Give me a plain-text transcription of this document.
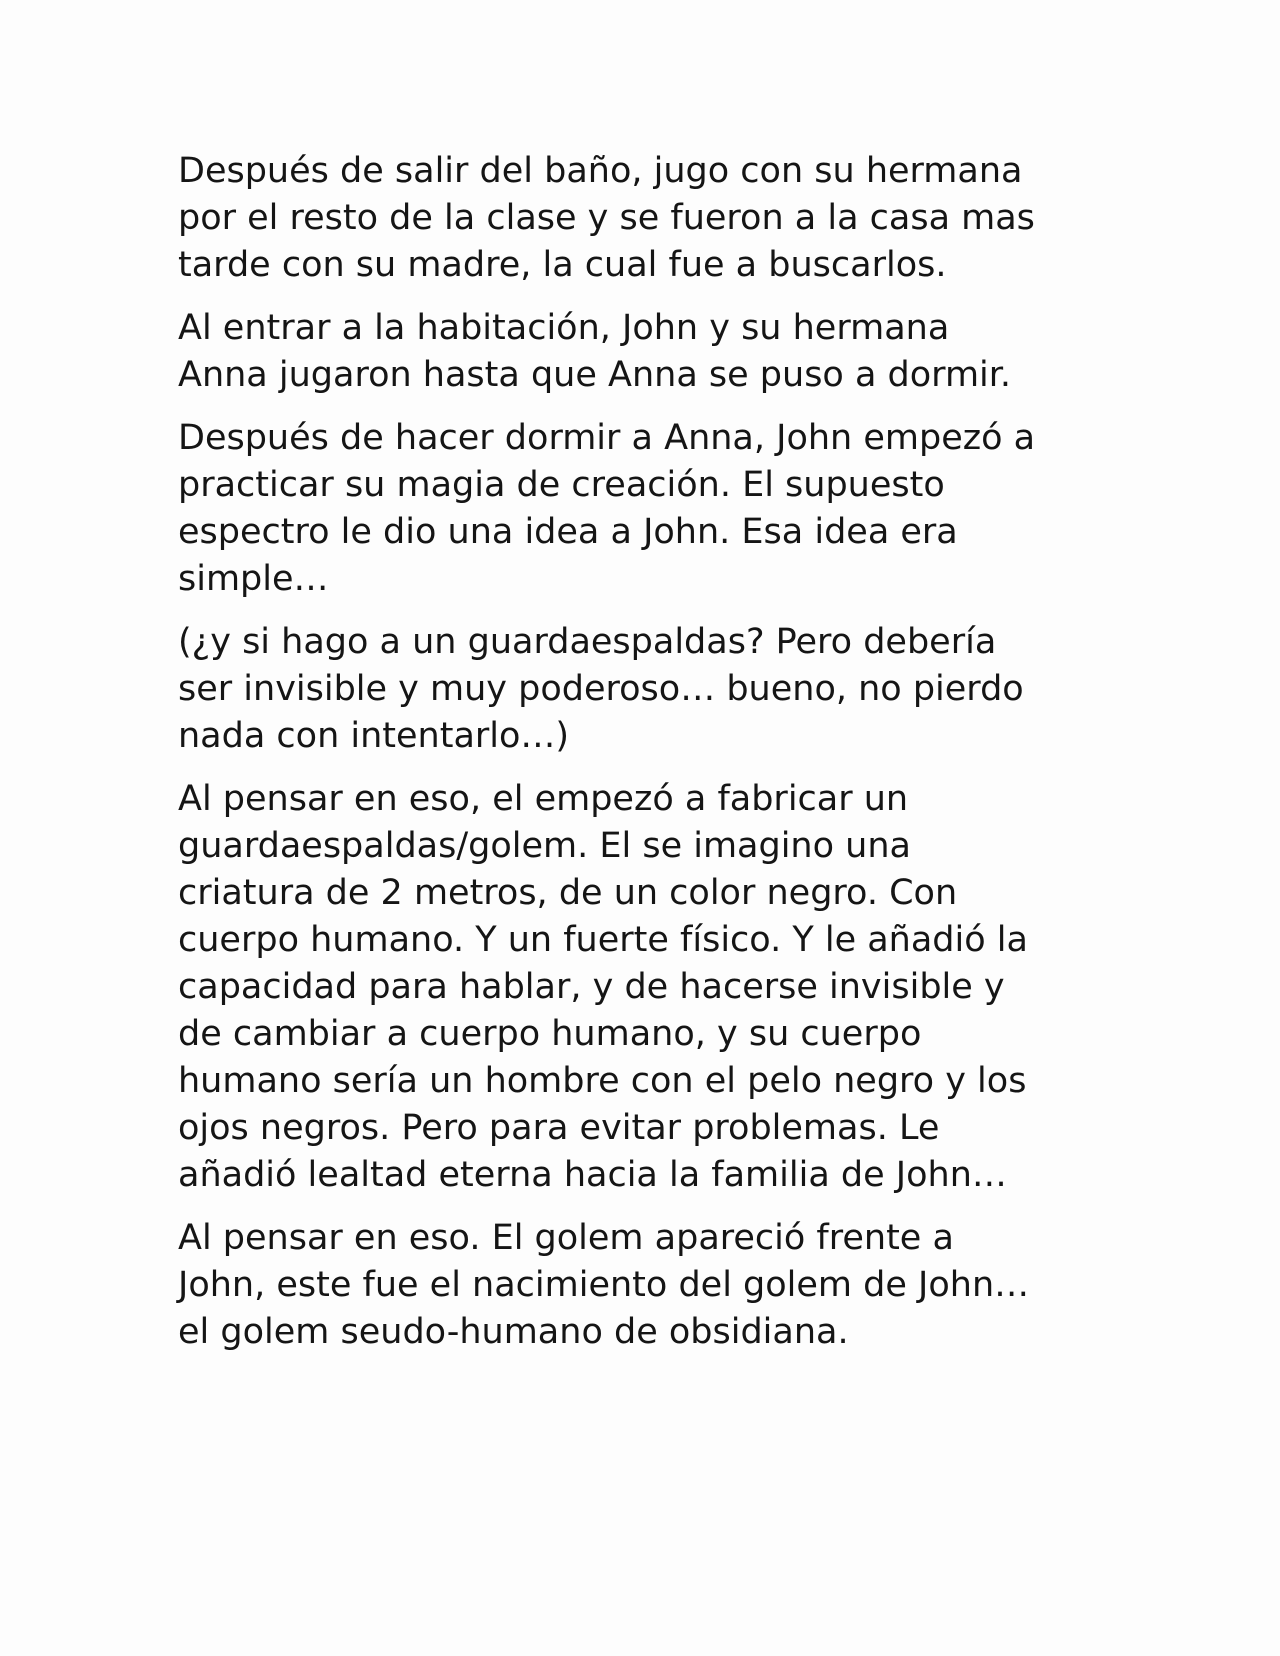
Después de salir del baño, jugo con su hermana
por el resto de la clase y se fueron a la casa mas
tarde con su madre, la cual fue a buscarlos.

Al entrar a la habitación, John y su hermana
Anna jugaron hasta que Anna se puso a dormir.

Después de hacer dormir a Anna, John empezó a
practicar su magia de creación. El supuesto
espectro le dio una idea a John. Esa idea era
simple…

(¿y si hago a un guardaespaldas? Pero debería
ser invisible y muy poderoso… bueno, no pierdo
nada con intentarlo…)

Al pensar en eso, el empezó a fabricar un
guardaespaldas/golem. El se imagino una
criatura de 2 metros, de un color negro. Con
cuerpo humano. Y un fuerte físico. Y le añadió la
capacidad para hablar, y de hacerse invisible y
de cambiar a cuerpo humano, y su cuerpo
humano sería un hombre con el pelo negro y los
ojos negros. Pero para evitar problemas. Le
añadió lealtad eterna hacia la familia de John…

Al pensar en eso. El golem apareció frente a
John, este fue el nacimiento del golem de John…
el golem seudo-humano de obsidiana.
